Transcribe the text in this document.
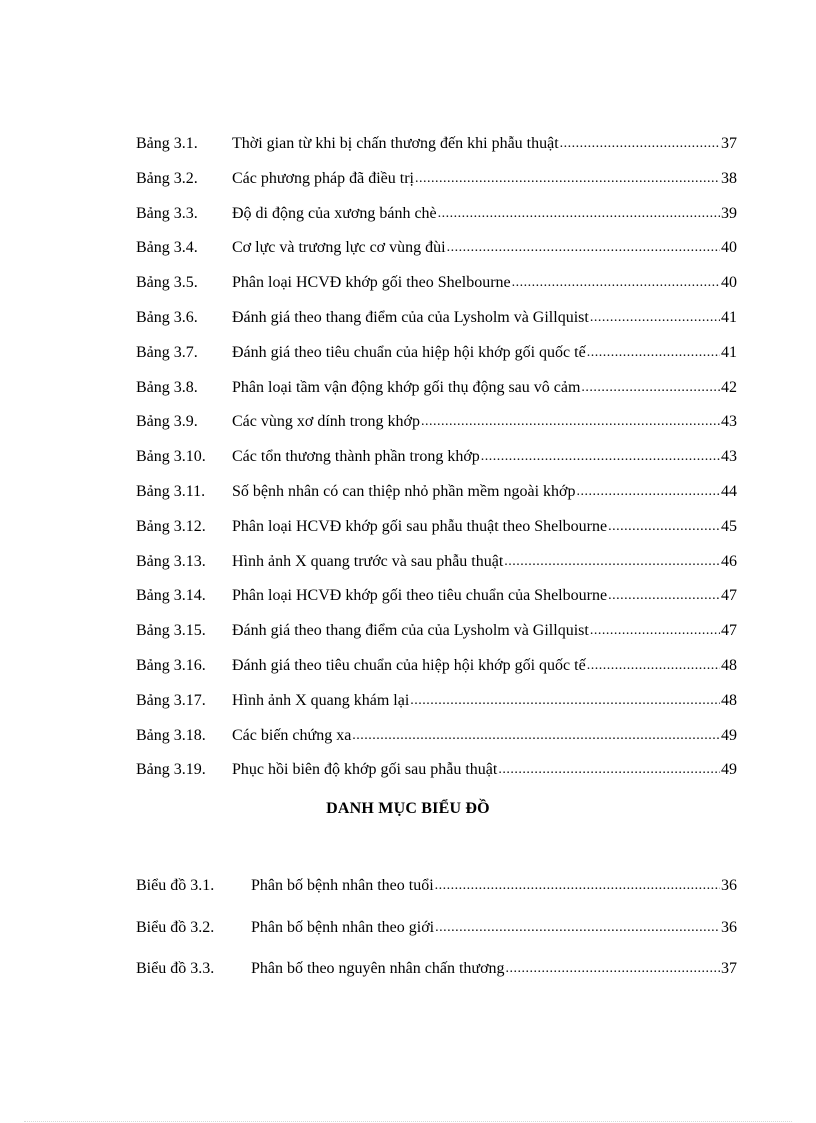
Bảng 3.1.	Thời gian từ khi bị chấn thương đến khi phẫu thuật .....	37
Bảng 3.2.	Các phương pháp đã điều trị .....	38
Bảng 3.3.	Độ di động của xương bánh chè .....	39
Bảng 3.4.	Cơ lực và trương lực cơ vùng đùi .....	40
Bảng 3.5.	Phân loại HCVĐ khớp gối theo Shelbourne .....	40
Bảng 3.6.	Đánh giá theo thang điểm của của Lysholm và Gillquist .....	41
Bảng 3.7.	Đánh giá theo tiêu chuẩn của hiệp hội khớp gối quốc tế .....	41
Bảng 3.8.	Phân loại tầm vận động khớp gối thụ động sau vô cảm .....	42
Bảng 3.9.	Các vùng xơ dính trong khớp .....	43
Bảng 3.10.	Các tổn thương thành phần trong khớp .....	43
Bảng 3.11.	Số bệnh nhân có can thiệp nhỏ phần mềm ngoài khớp .....	44
Bảng 3.12.	Phân loại HCVĐ khớp gối sau phẫu thuật theo Shelbourne .....	45
Bảng 3.13.	Hình ảnh X quang trước và sau phẫu thuật .....	46
Bảng 3.14.	Phân loại HCVĐ khớp gối theo tiêu chuẩn của Shelbourne .....	47
Bảng 3.15.	Đánh giá theo thang điểm của của Lysholm và Gillquist .....	47
Bảng 3.16.	Đánh giá theo tiêu chuẩn của hiệp hội khớp gối quốc tế .....	48
Bảng 3.17.	Hình ảnh X quang khám lại .....	48
Bảng 3.18.	Các biến chứng xa .....	49
Bảng 3.19.	Phục hồi biên độ khớp gối sau phẫu thuật .....	49
DANH MỤC BIỂU ĐỒ
Biểu đồ 3.1.	Phân bố bệnh nhân theo tuổi .....	36
Biểu đồ 3.2.	Phân bố bệnh nhân theo giới .....	36
Biểu đồ 3.3.	Phân bố theo nguyên nhân chấn thương .....	37
